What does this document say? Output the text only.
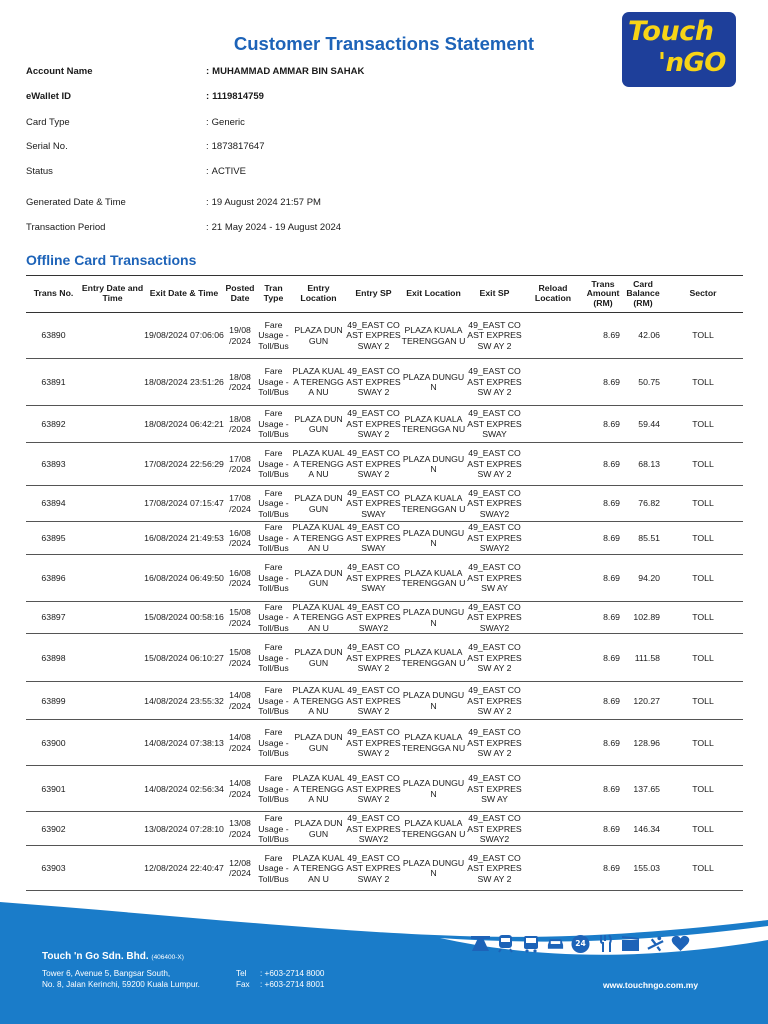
Customer Transactions Statement	Touch
'nGO
Account Name	: MUHAMMAD AMMAR BIN SAHAK
eWallet ID	: 1119814759
Card Type	: Generic
Serial No.	: 1873817647
Status	: ACTIVE
Generated Date & Time	: 19 August 2024 21:57 PM
Transaction Period	: 21 May 2024 - 19 August 2024
Offline Card Transactions
Trans No.	Entry Date and Time	Exit Date & Time	Posted Date	Tran Type	Entry Location	Entry SP	Exit Location	Exit SP	Reload Location	Trans Amount (RM)	Card Balance (RM)	Sector
63890		19/08/2024 07:06:06	19/08 /2024	Fare Usage - Toll/Bus	PLAZA DUNGUN	49_EAST COAST EXPRESSWAY 2	PLAZA KUALA TERENGGAN U	49_EAST COAST EXPRESSW AY 2		8.69	42.06	TOLL
63891		18/08/2024 23:51:26	18/08 /2024	Fare Usage - Toll/Bus	PLAZA KUALA TERENGGA NU	49_EAST COAST EXPRESSWAY 2	PLAZA DUNGUN	49_EAST COAST EXPRESSW AY 2		8.69	50.75	TOLL
63892		18/08/2024 06:42:21	18/08 /2024	Fare Usage - Toll/Bus	PLAZA DUNGUN	49_EAST COAST EXPRESSWAY 2	PLAZA KUALA TERENGGA NU	49_EAST COAST EXPRESSWAY		8.69	59.44	TOLL
63893		17/08/2024 22:56:29	17/08 /2024	Fare Usage - Toll/Bus	PLAZA KUALA TERENGGA NU	49_EAST COAST EXPRESSWAY 2	PLAZA DUNGUN	49_EAST COAST EXPRESSW AY 2		8.69	68.13	TOLL
63894		17/08/2024 07:15:47	17/08 /2024	Fare Usage - Toll/Bus	PLAZA DUNGUN	49_EAST COAST EXPRESSWAY	PLAZA KUALA TERENGGAN U	49_EAST COAST EXPRESSWAY2		8.69	76.82	TOLL
63895		16/08/2024 21:49:53	16/08 /2024	Fare Usage - Toll/Bus	PLAZA KUALA TERENGGAN U	49_EAST COAST EXPRESSWAY	PLAZA DUNGUN	49_EAST COAST EXPRESSWAY2		8.69	85.51	TOLL
63896		16/08/2024 06:49:50	16/08 /2024	Fare Usage - Toll/Bus	PLAZA DUNGUN	49_EAST COAST EXPRESSWAY	PLAZA KUALA TERENGGAN U	49_EAST COAST EXPRESSW AY		8.69	94.20	TOLL
63897		15/08/2024 00:58:16	15/08 /2024	Fare Usage - Toll/Bus	PLAZA KUALA TERENGGAN U	49_EAST COAST EXPRESSWAY2	PLAZA DUNGUN	49_EAST COAST EXPRESSWAY2		8.69	102.89	TOLL
63898		15/08/2024 06:10:27	15/08 /2024	Fare Usage - Toll/Bus	PLAZA DUNGUN	49_EAST COAST EXPRESSWAY 2	PLAZA KUALA TERENGGAN U	49_EAST COAST EXPRESSW AY 2		8.69	111.58	TOLL
63899		14/08/2024 23:55:32	14/08 /2024	Fare Usage - Toll/Bus	PLAZA KUALA TERENGGA NU	49_EAST COAST EXPRESSWAY 2	PLAZA DUNGUN	49_EAST COAST EXPRESSW AY 2		8.69	120.27	TOLL
63900		14/08/2024 07:38:13	14/08 /2024	Fare Usage - Toll/Bus	PLAZA DUNGUN	49_EAST COAST EXPRESSWAY 2	PLAZA KUALA TERENGGA NU	49_EAST COAST EXPRESSW AY 2		8.69	128.96	TOLL
63901		14/08/2024 02:56:34	14/08 /2024	Fare Usage - Toll/Bus	PLAZA KUALA TERENGGA NU	49_EAST COAST EXPRESSWAY 2	PLAZA DUNGUN	49_EAST COAST EXPRESSW AY		8.69	137.65	TOLL
63902		13/08/2024 07:28:10	13/08 /2024	Fare Usage - Toll/Bus	PLAZA DUNGUN	49_EAST COAST EXPRESSWAY2	PLAZA KUALA TERENGGAN U	49_EAST COAST EXPRESSWAY2		8.69	146.34	TOLL
63903		12/08/2024 22:40:47	12/08 /2024	Fare Usage - Toll/Bus	PLAZA KUALA TERENGGAN U	49_EAST COAST EXPRESSWAY 2	PLAZA DUNGUN	49_EAST COAST EXPRESSW AY 2		8.69	155.03	TOLL
24
Touch 'n Go Sdn. Bhd. (406400-X)
Tower 6, Avenue 5, Bangsar South,
No. 8, Jalan Kerinchi, 59200 Kuala Lumpur.
Tel : +603-2714 8000
Fax : +603-2714 8001	www.touchngo.com.my
